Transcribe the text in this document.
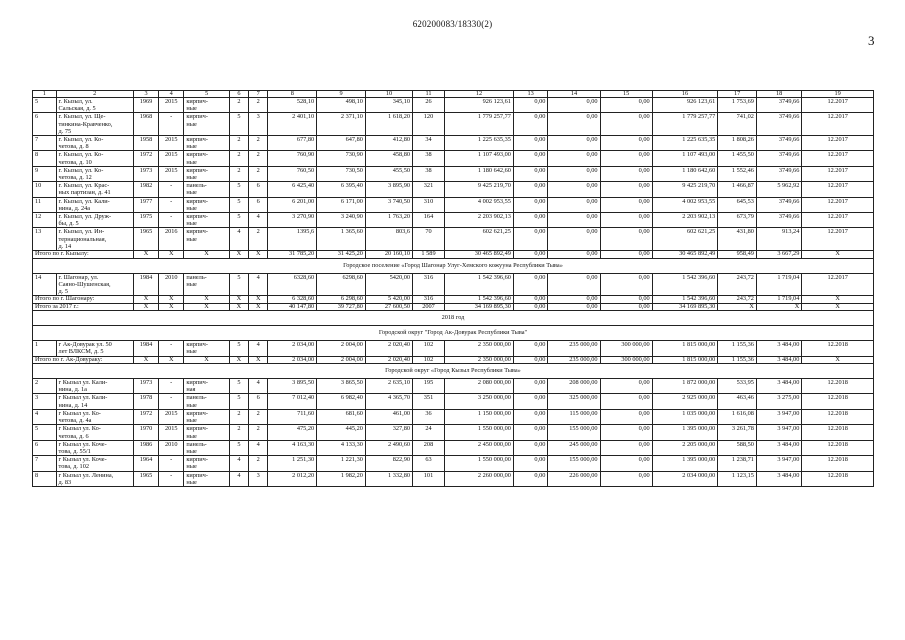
620200083/18330(2)
3
1	2	3	4	5	6	7	8	9	10	11	12	13	14	15	16	17	18	19
5	г. Кызыл, ул.
Сальская, д. 5	1969	2015	кирпич-
ные	2	2	528,10	498,10	345,10	26	926 123,61	0,00	0,00	0,00	926 123,61	1 753,69	3749,66	12.2017
6	г. Кызыл, ул. Ще-
тинкина-Кравченко,
д. 75	1968	-	кирпич-
ные	5	3	2 401,10	2 371,10	1 618,20	120	1 779 257,77	0,00	0,00	0,00	1 779 257,77	741,02	3749,66	12.2017
7	г. Кызыл, ул. Ко-
четова, д. 8	1958	2015	кирпич-
ные	2	2	677,80	647,80	412,80	34	1 225 635,35	0,00	0,00	0,00	1 225 635,35	1 808,26	3749,66	12.2017
8	г. Кызыл, ул. Ко-
четова, д. 10	1972	2015	кирпич-
ные	2	2	760,90	730,90	458,80	38	1 107 493,00	0,00	0,00	0,00	1 107 493,00	1 455,50	3749,66	12.2017
9	г. Кызыл, ул. Ко-
четова, д. 12	1973	2015	кирпич-
ные	2	2	760,50	730,50	455,50	38	1 180 642,60	0,00	0,00	0,00	1 180 642,60	1 552,46	3749,66	12.2017
10	г. Кызыл, ул. Крас-
ных партизан, д. 41	1982	-	панель-
ные	5	6	6 425,40	6 395,40	3 895,90	321	9 425 219,70	0,00	0,00	0,00	9 425 219,70	1 466,87	5 962,92	12.2017
11	г. Кызыл, ул. Кали-
нина, д. 24а	1977	-	кирпич-
ные	5	6	6 201,00	6 171,00	3 740,50	310	4 002 953,55	0,00	0,00	0,00	4 002 953,55	645,53	3749,66	12.2017
12	г. Кызыл, ул. Друж-
бы, д. 5	1975	-	кирпич-
ные	5	4	3 270,90	3 240,90	1 763,20	164	2 203 902,13	0,00	0,00	0,00	2 203 902,13	673,79	3749,66	12.2017
13	г. Кызыл, ул. Ин-
тернациональная,
д. 14	1965	2016	кирпич-
ные	4	2	1395,6	1 365,60	803,6	70	602 621,25	0,00	0,00	0,00	602 621,25	431,80	913,24	12.2017
Итого по г. Кызылу:		X	X	X	X	X	31 785,20	31 425,20	20 160,10	1 589	30 465 892,49	0,00	0,00	0,00	30 465 892,49	958,49	3 667,29	X
Городское поселение «Город Шагонар Улуг-Хемского кожууна Республики Тыва»																		
14	г. Шагонар, ул.
Саяно-Шушенская,
д. 5	1984	2010	панель-
ные	5	4	6328,60	6298,60	5420,00	316	1 542 396,60	0,00	0,00	0,00	1 542 396,60	243,72	1 719,04	12.2017
Итого по г. Шагонару:		X	X	X	X	X	6 328,60	6 298,60	5 420,00	316	1 542 396,60	0,00	0,00	0,00	1 542 396,60	243,72	1 719,04	X
Итого за 2017 г.:		X	X	X	X	X	40 147,80	39 727,80	27 600,50	2007	34 169 895,30	0,00	0,00	0,00	34 169 895,30	X	X	X
2018 год																		
Городской округ "Город Ак-Довурак Республики Тыва"																		
1	г Ак-Довурак ул. 50
лет ВЛКСМ, д. 5	1984	-	кирпич-
ные	5	4	2 034,00	2 004,00	2 020,40	102	2 350 000,00	0,00	235 000,00	300 000,00	1 815 000,00	1 155,36	3 484,00	12.2018
Итого по г. Ак-Довураку:		X	X	X	X	X	2 034,00	2 004,00	2 020,40	102	2 350 000,00	0,00	235 000,00	300 000,00	1 815 000,00	1 155,36	3 484,00	X
Городской округ «Город Кызыл Республики Тыва»																		
2	г Кызыл ул. Кали-
нина, д. 1а	1973	-	кирпич-
ная	5	4	3 895,50	3 865,50	2 635,10	195	2 080 000,00	0,00	208 000,00	0,00	1 872 000,00	533,95	3 484,00	12.2018
3	г Кызыл ул. Кали-
нина, д. 14	1978	-	панель-
ные	5	6	7 012,40	6 982,40	4 365,70	351	3 250 000,00	0,00	325 000,00	0,00	2 925 000,00	463,46	3 275,00	12.2018
4	г Кызыл ул. Ко-
четова, д. 4а	1972	2015	кирпич-
ные	2	2	711,60	681,60	461,00	36	1 150 000,00	0,00	115 000,00	0,00	1 035 000,00	1 616,08	3 947,00	12.2018
5	г Кызыл ул. Ко-
четова, д. 6	1970	2015	кирпич-
ные	2	2	475,20	445,20	327,80	24	1 550 000,00	0,00	155 000,00	0,00	1 395 000,00	3 261,78	3 947,00	12.2018
6	г Кызыл ул. Коче-
това, д. 55/1	1986	2010	панель-
ные	5	4	4 163,30	4 133,30	2 490,60	208	2 450 000,00	0,00	245 000,00	0,00	2 205 000,00	588,50	3 484,00	12.2018
7	г Кызыл ул. Коче-
това, д. 102	1964	-	кирпич-
ные	4	2	1 251,30	1 221,30	822,90	63	1 550 000,00	0,00	155 000,00	0,00	1 395 000,00	1 238,71	3 947,00	12.2018
8	г Кызыл ул. Ленина,
д. 83	1965	-	кирпич-
ные	4	3	2 012,20	1 982,20	1 332,80	101	2 260 000,00	0,00	226 000,00	0,00	2 034 000,00	1 123,15	3 484,00	12.2018
